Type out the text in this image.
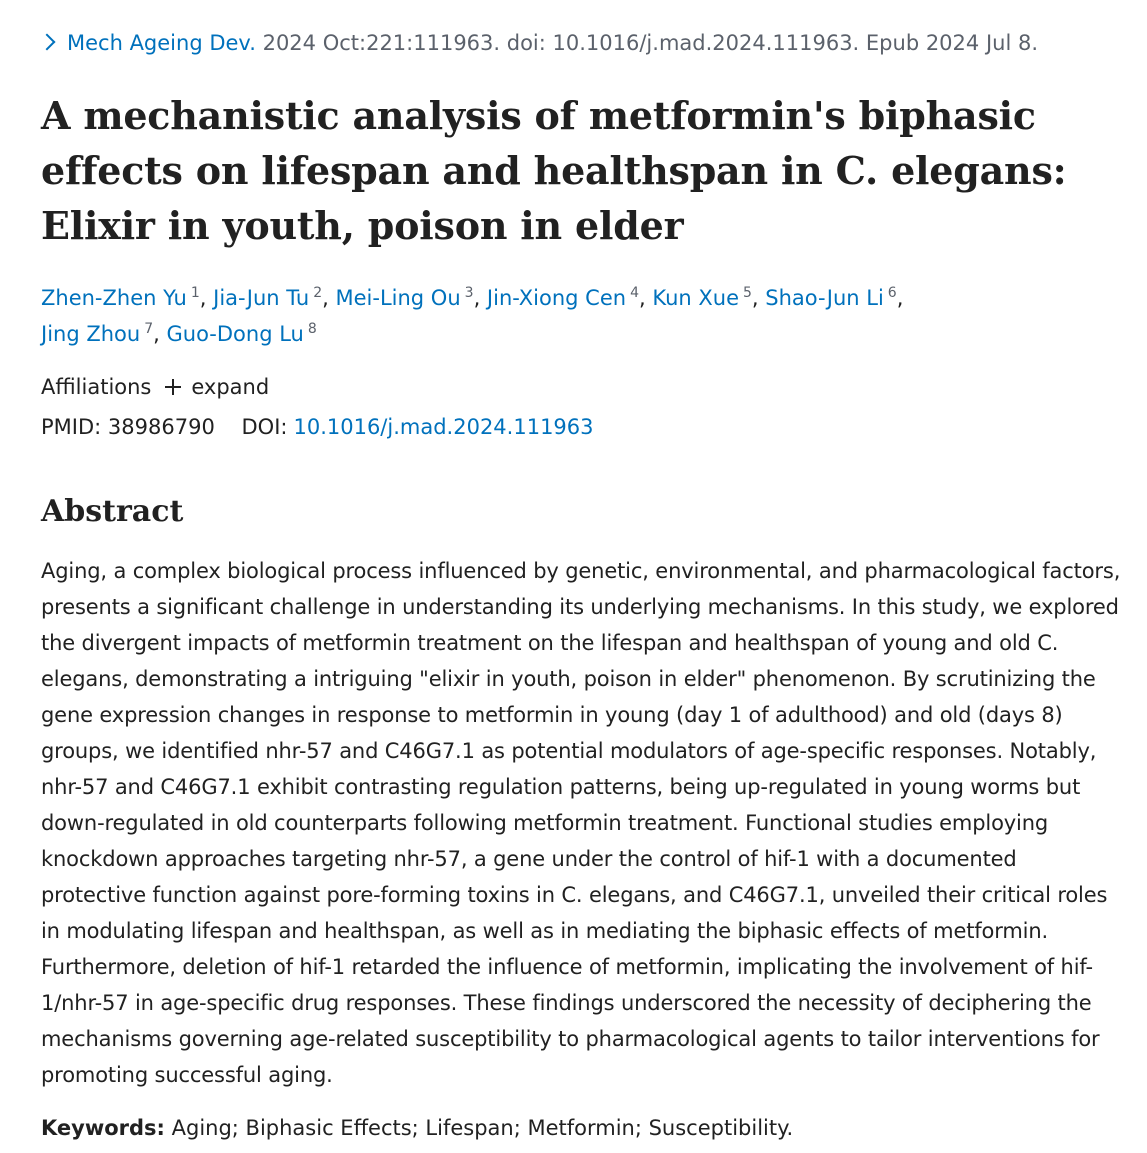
Mech Ageing Dev. 2024 Oct:221:111963. doi: 10.1016/j.mad.2024.111963. Epub 2024 Jul 8.
A mechanistic analysis of metformin's biphasic effects on lifespan and healthspan in C. elegans: Elixir in youth, poison in elder
Zhen-Zhen Yu $^1$, Jia-Jun Tu $^2$, Mei-Ling Ou $^3$, Jin-Xiong Cen $^4$, Kun Xue $^5$, Shao-Jun Li $^6$,
Jing Zhou $^7$, Guo-Dong Lu $^8$
Affiliations expand
PMID: 38986790 DOI: 10.1016/j.mad.2024.111963
Abstract

Aging, a complex biological process influenced by genetic, environmental, and pharmacological factors, presents a significant challenge in understanding its underlying mechanisms. In this study, we explored the divergent impacts of metformin treatment on the lifespan and healthspan of young and old C. elegans, demonstrating a intriguing "elixir in youth, poison in elder" phenomenon. By scrutinizing the gene expression changes in response to metformin in young (day 1 of adulthood) and old (days 8) groups, we identified nhr-57 and C46G7.1 as potential modulators of age-specific responses. Notably, nhr-57 and C46G7.1 exhibit contrasting regulation patterns, being up-regulated in young worms but down-regulated in old counterparts following metformin treatment. Functional studies employing knockdown approaches targeting nhr-57, a gene under the control of hif-1 with a documented protective function against pore-forming toxins in C. elegans, and C46G7.1, unveiled their critical roles in modulating lifespan and healthspan, as well as in mediating the biphasic effects of metformin. Furthermore, deletion of hif-1 retarded the influence of metformin, implicating the involvement of hif-1/nhr-57 in age-specific drug responses. These findings underscored the necessity of deciphering the mechanisms governing age-related susceptibility to pharmacological agents to tailor interventions for promoting successful aging.

Keywords: Aging; Biphasic Effects; Lifespan; Metformin; Susceptibility.
